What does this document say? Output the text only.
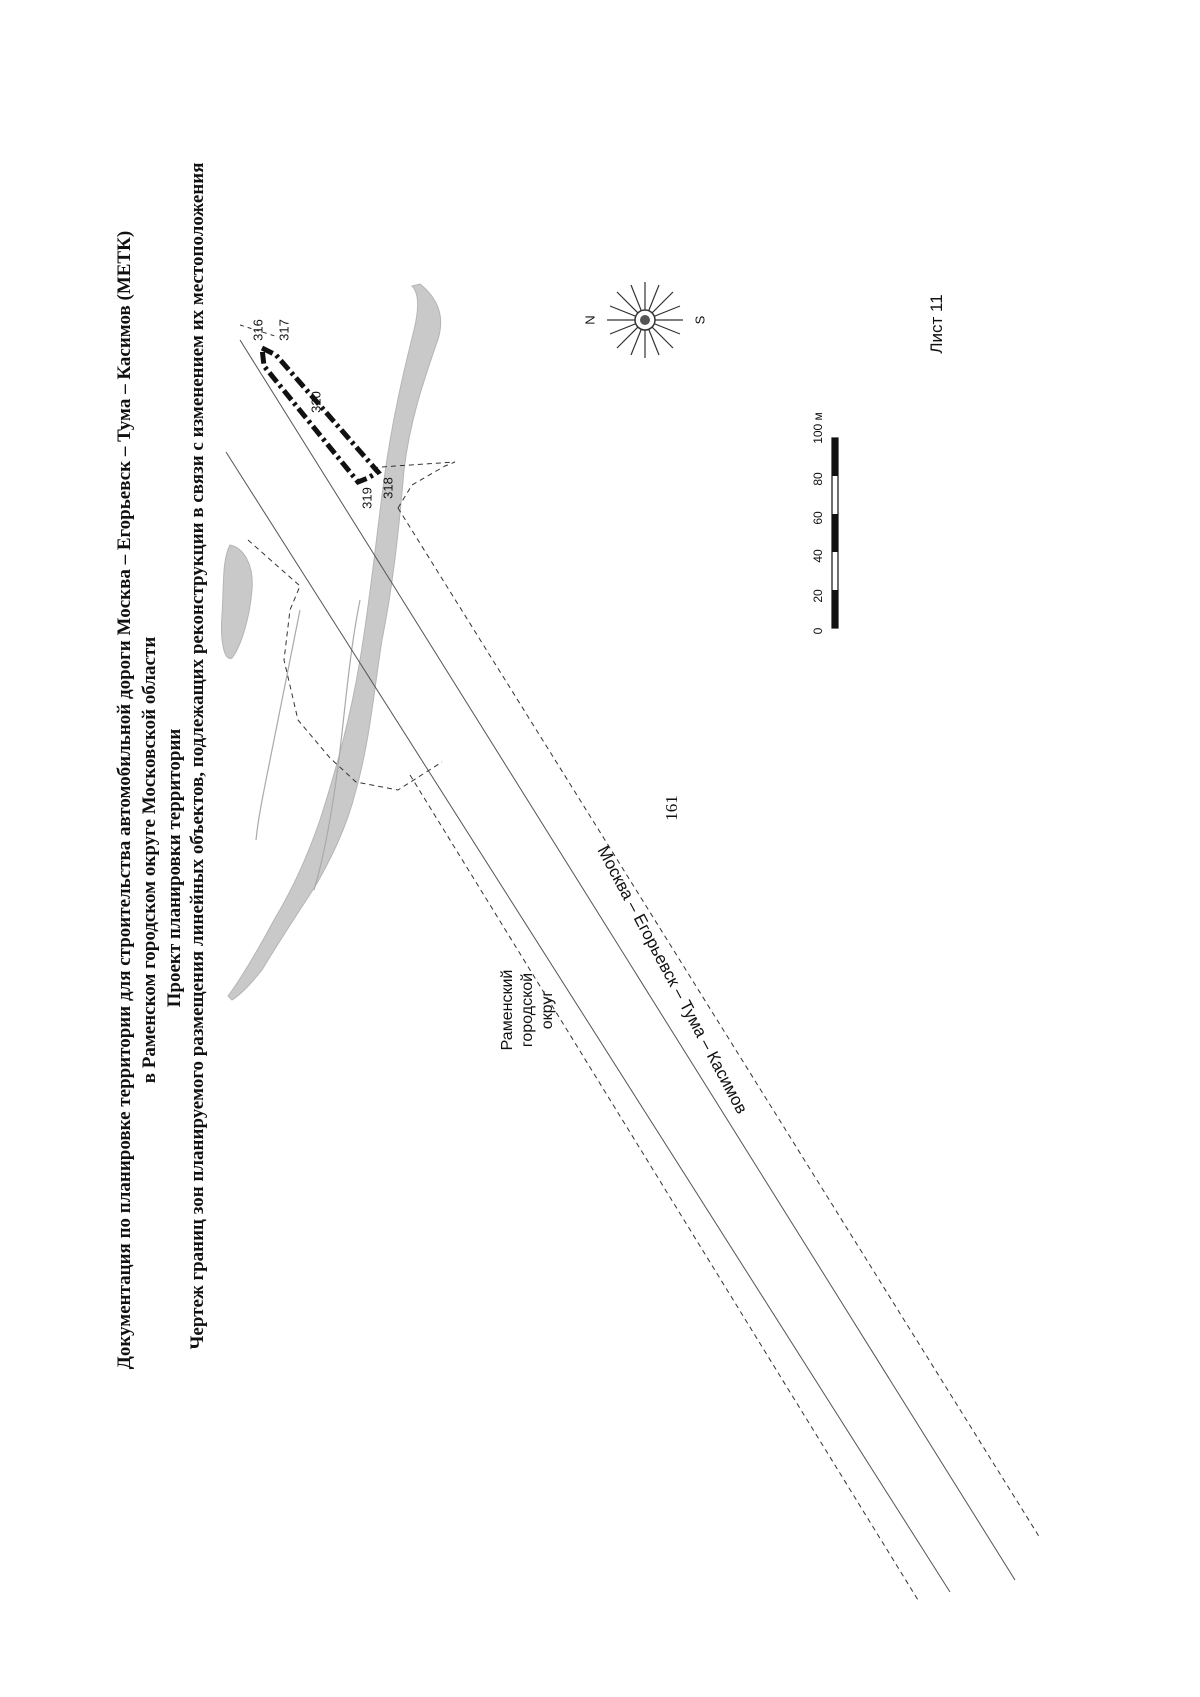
161
Документация по планировке территории для строительства автомобильной дороги Москва – Егорьевск – Тума – Касимов (МЕТК) в Раменском городском округе Московской области Проект планировки территории Чертеж границ зон планируемого размещения линейных объектов, подлежащих реконструкции в связи с изменением их местоположения	Раменский городской округ Москва – Егорьевск – Тума – Касимов
316 317
320
319 318
N	S
0
20
40
60
80
100 м
Лист 11
